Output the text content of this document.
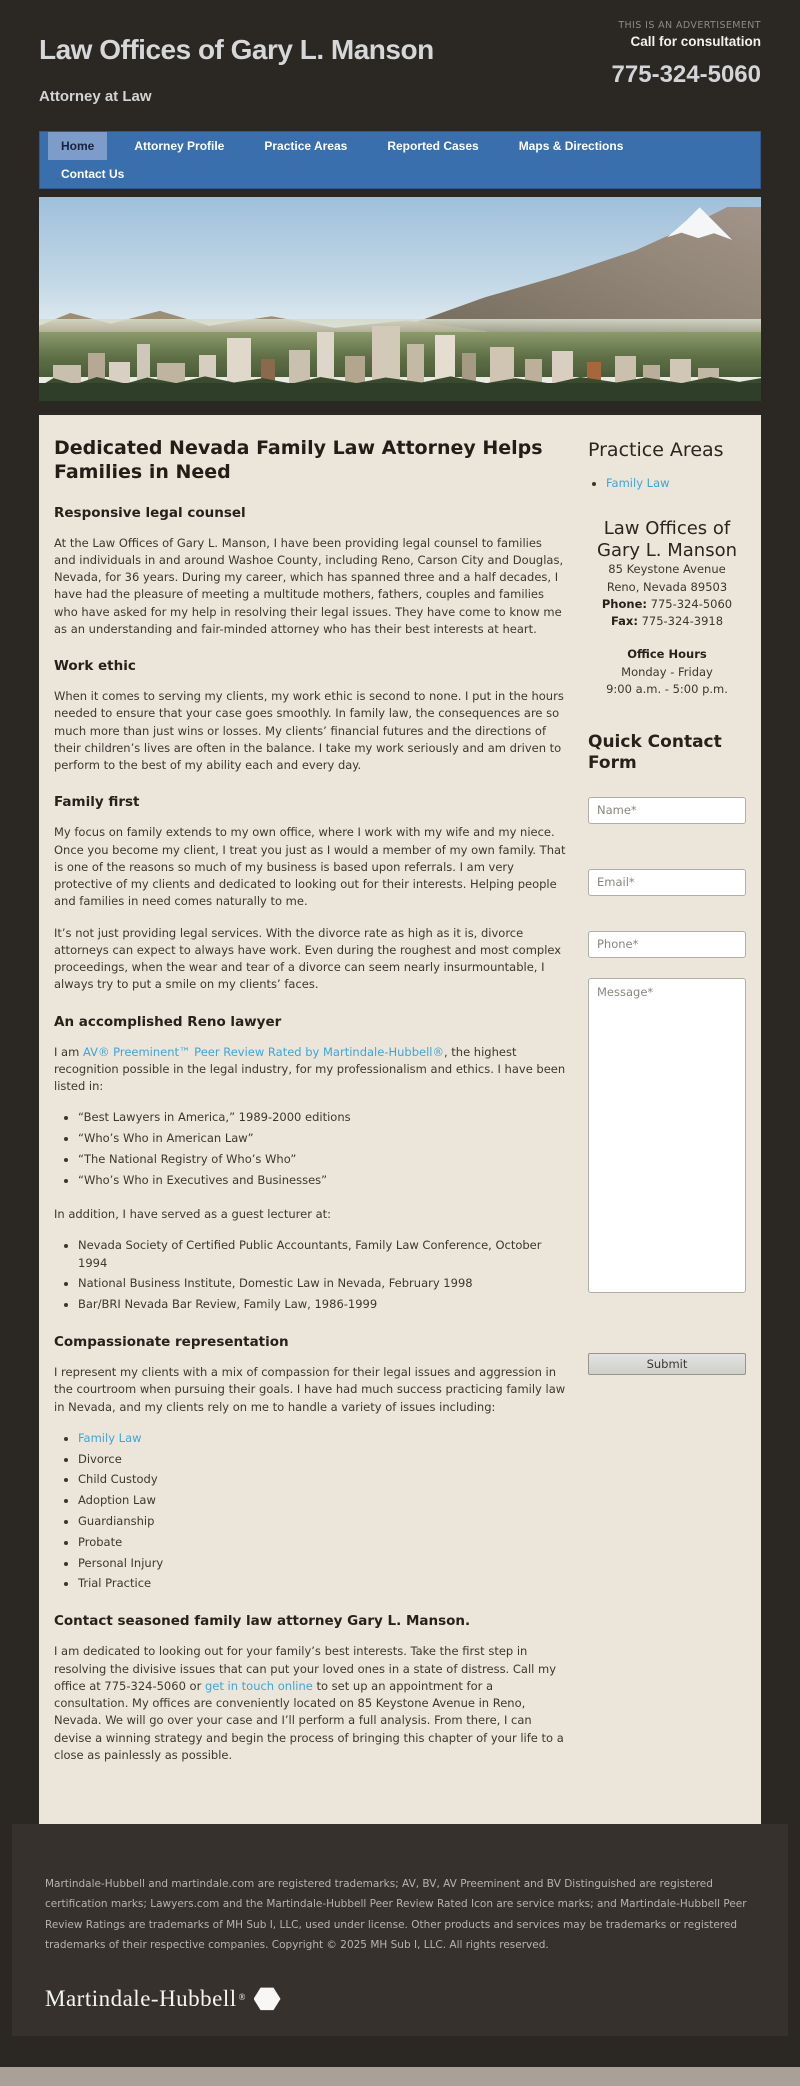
Law Offices of Gary L. Manson
Attorney at Law
THIS IS AN ADVERTISEMENT
Call for consultation
775-324-5060
Home	Attorney Profile	Practice Areas	Reported Cases	Maps & Directions
Contact Us
Dedicated Nevada Family Law Attorney Helps Families in Need
Responsive legal counsel

At the Law Offices of Gary L. Manson, I have been providing legal counsel to families and individuals in and around Washoe County, including Reno, Carson City and Douglas, Nevada, for 36 years. During my career, which has spanned three and a half decades, I have had the pleasure of meeting a multitude mothers, fathers, couples and families who have asked for my help in resolving their legal issues. They have come to know me as an understanding and fair-minded attorney who has their best interests at heart.

Work ethic

When it comes to serving my clients, my work ethic is second to none. I put in the hours needed to ensure that your case goes smoothly. In family law, the consequences are so much more than just wins or losses. My clients’ financial futures and the directions of their children’s lives are often in the balance. I take my work seriously and am driven to perform to the best of my ability each and every day.

Family first

My focus on family extends to my own office, where I work with my wife and my niece. Once you become my client, I treat you just as I would a member of my own family. That is one of the reasons so much of my business is based upon referrals. I am very protective of my clients and dedicated to looking out for their interests. Helping people and families in need comes naturally to me.

It’s not just providing legal services. With the divorce rate as high as it is, divorce attorneys can expect to always have work. Even during the roughest and most complex proceedings, when the wear and tear of a divorce can seem nearly insurmountable, I always try to put a smile on my clients’ faces.

An accomplished Reno lawyer

I am AV® Preeminent™ Peer Review Rated by Martindale-Hubbell®, the highest recognition possible in the legal industry, for my professionalism and ethics. I have been listed in:

• “Best Lawyers in America,” 1989-2000 editions
• “Who’s Who in American Law”
• “The National Registry of Who’s Who”
• “Who’s Who in Executives and Businesses”

In addition, I have served as a guest lecturer at:

• Nevada Society of Certified Public Accountants, Family Law Conference, October 1994
• National Business Institute, Domestic Law in Nevada, February 1998
• Bar/BRI Nevada Bar Review, Family Law, 1986-1999
Compassionate representation

I represent my clients with a mix of compassion for their legal issues and aggression in the courtroom when pursuing their goals. I have had much success practicing family law in Nevada, and my clients rely on me to handle a variety of issues including:

• Family Law
• Divorce
• Child Custody
• Adoption Law
• Guardianship
• Probate
• Personal Injury
• Trial Practice
Contact seasoned family law attorney Gary L. Manson.

I am dedicated to looking out for your family’s best interests. Take the first step in resolving the divisive issues that can put your loved ones in a state of distress. Call my office at 775-324-5060 or get in touch online to set up an appointment for a consultation. My offices are conveniently located on 85 Keystone Avenue in Reno, Nevada. We will go over your case and I’ll perform a full analysis. From there, I can devise a winning strategy and begin the process of bringing this chapter of your life to a close as painlessly as possible.

Practice Areas
• Family Law
Law Offices of
Gary L. Manson
85 Keystone Avenue
Reno, Nevada 89503
Phone: 775-324-5060
Fax: 775-324-3918
Office Hours
Monday - Friday
9:00 a.m. - 5:00 p.m.
Quick Contact Form
Name* Email* Phone* Message* Submit

Martindale-Hubbell and martindale.com are registered trademarks; AV, BV, AV Preeminent and BV Distinguished are registered certification marks; Lawyers.com and the Martindale-Hubbell Peer Review Rated Icon are service marks; and Martindale-Hubbell Peer Review Ratings are trademarks of MH Sub I, LLC, used under license. Other products and services may be trademarks or registered trademarks of their respective companies. Copyright © 2025 MH Sub I, LLC. All rights reserved.

Martindale-Hubbell ®
